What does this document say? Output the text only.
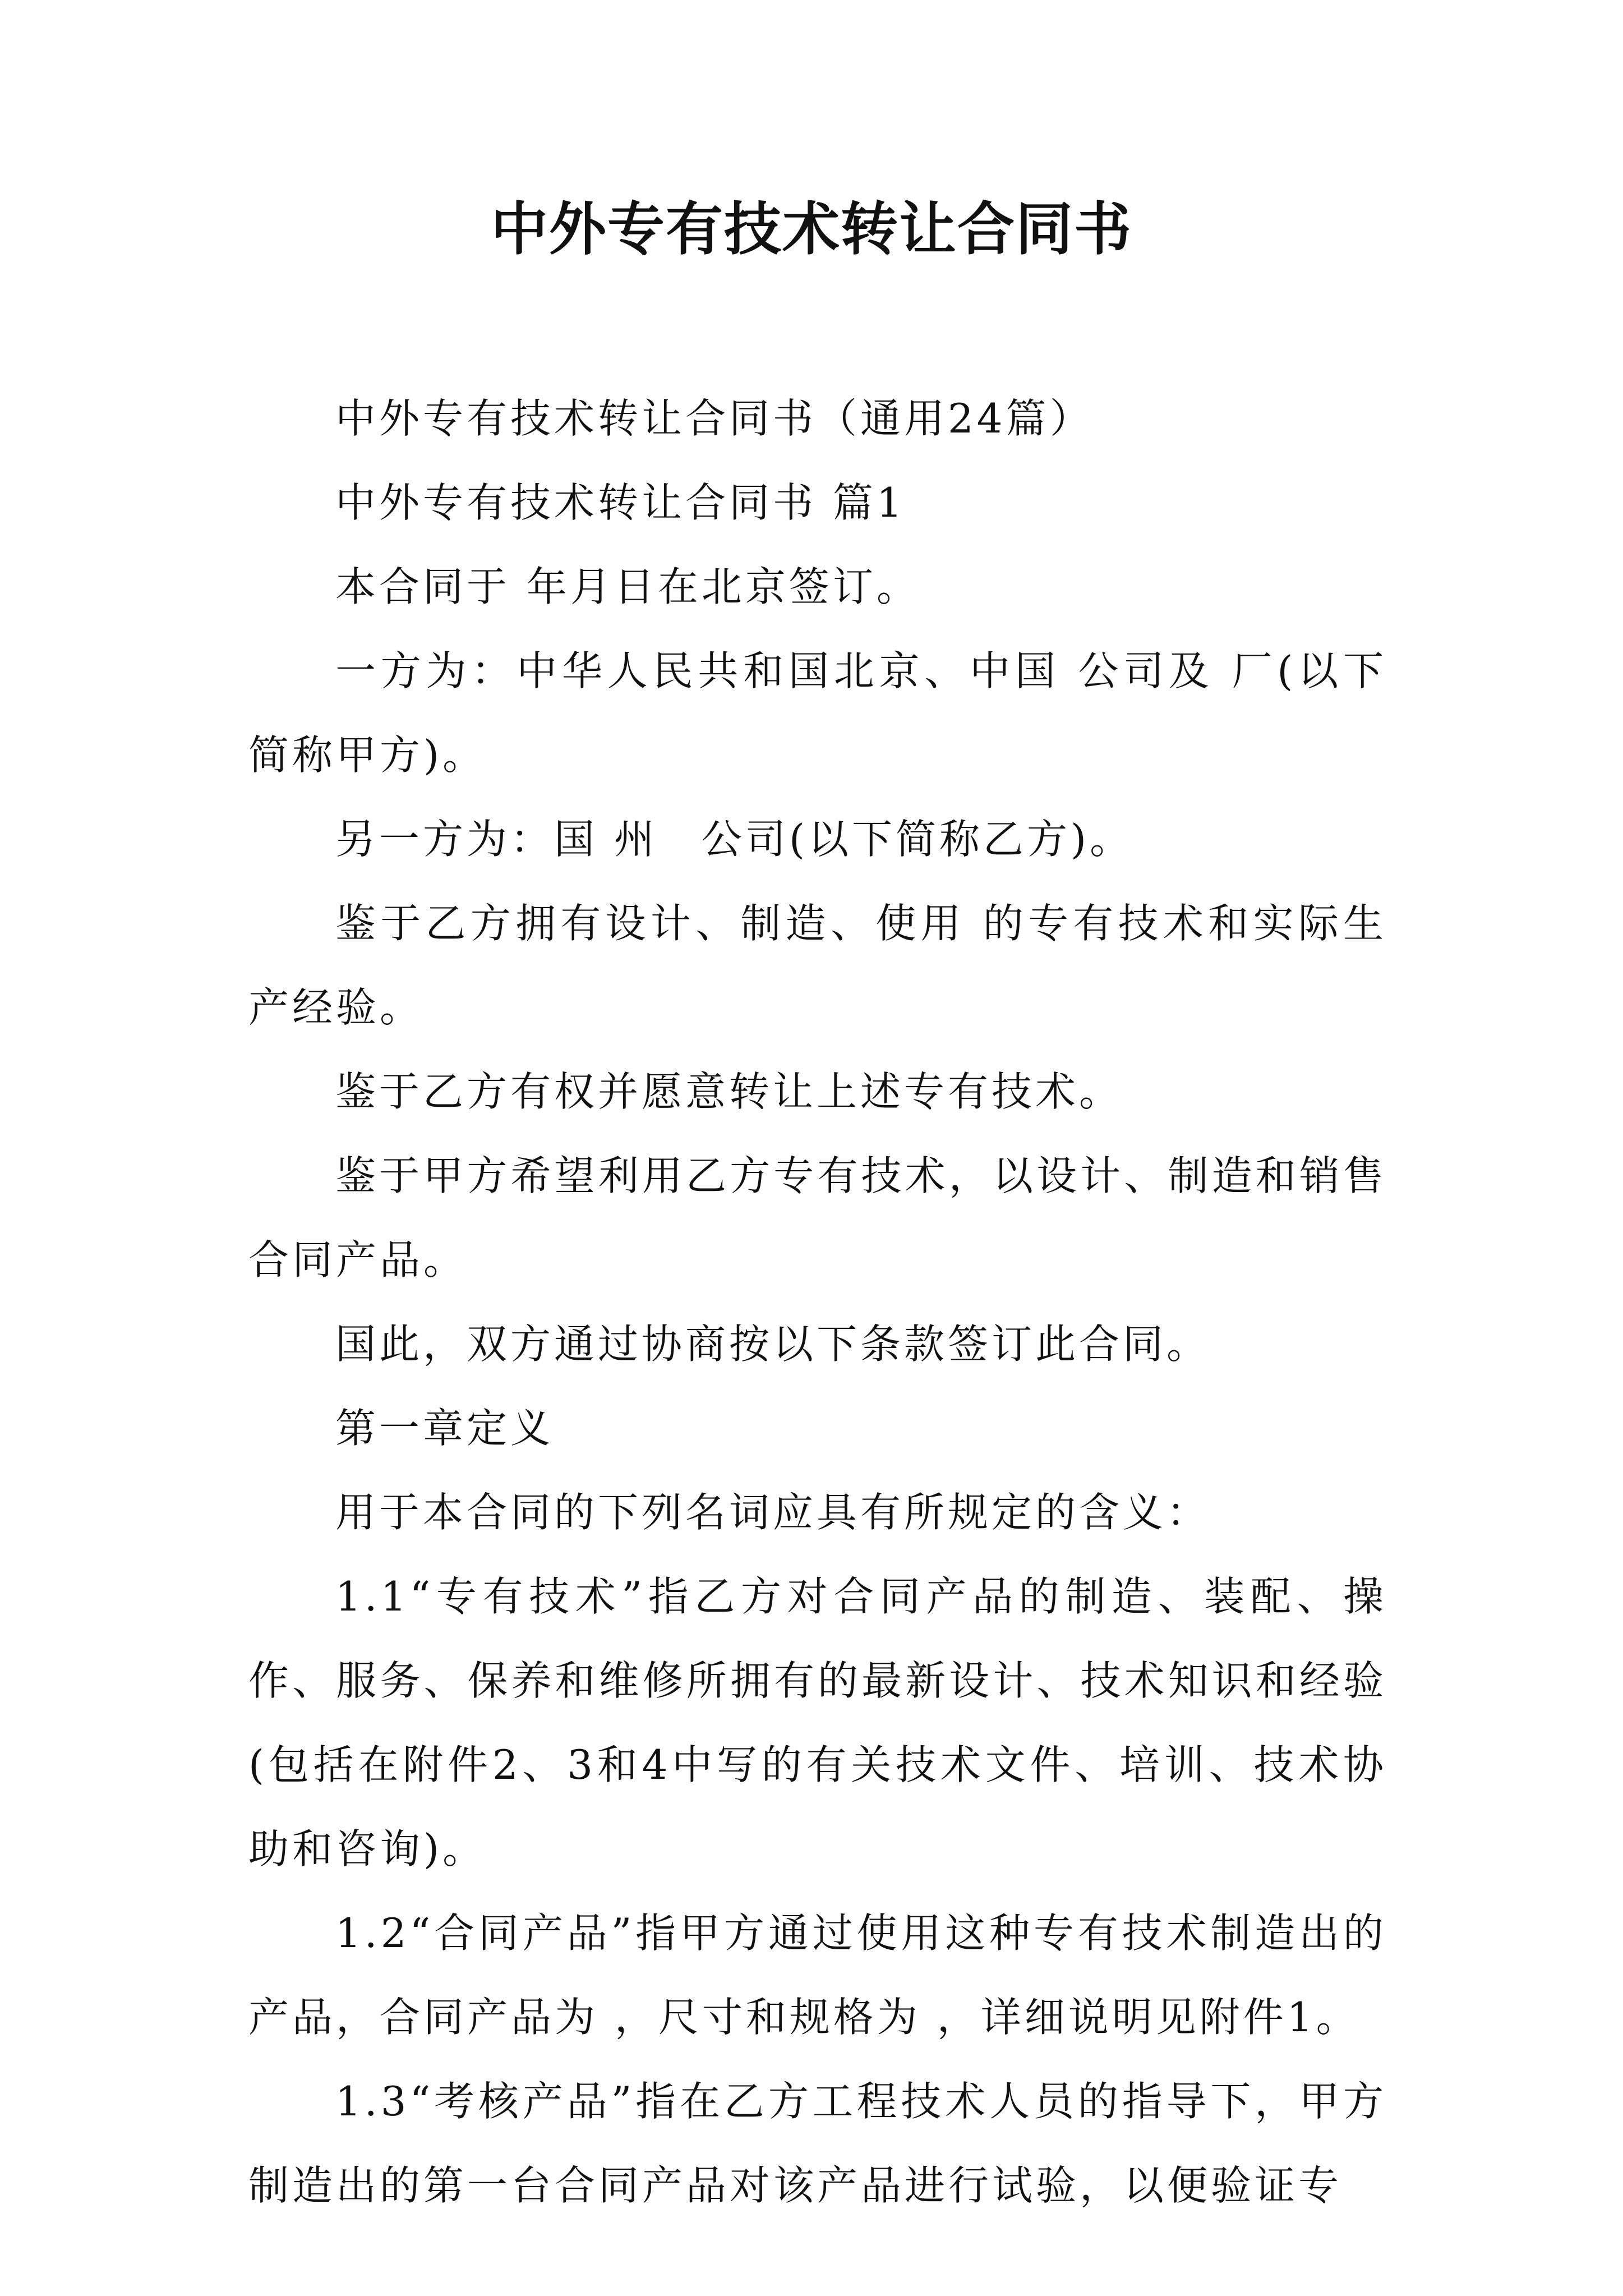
中外专有技术转让合同书

中外专有技术转让合同书（通用24篇）

中外专有技术转让合同书 篇1

本合同于 年月日在北京签订。

一方为：中华人民共和国北京、中国 公司及 厂(以下简称甲方)。

另一方为：国 州　公司(以下简称乙方)。

鉴于乙方拥有设计、制造、使用 的专有技术和实际生产经验。

鉴于乙方有权并愿意转让上述专有技术。

鉴于甲方希望利用乙方专有技术，以设计、制造和销售合同产品。

国此，双方通过协商按以下条款签订此合同。

第一章定义

用于本合同的下列名词应具有所规定的含义：

1.1“专有技术”指乙方对合同产品的制造、装配、操作、服务、保养和维修所拥有的最新设计、技术知识和经验(包括在附件2、3和4中写的有关技术文件、培训、技术协助和咨询)。

1.2“合同产品”指甲方通过使用这种专有技术制造出的产品，合同产品为 ，尺寸和规格为 ，详细说明见附件1。

1.3“考核产品”指在乙方工程技术人员的指导下，甲方制造出的第一台合同产品对该产品进行试验，以便验证专
